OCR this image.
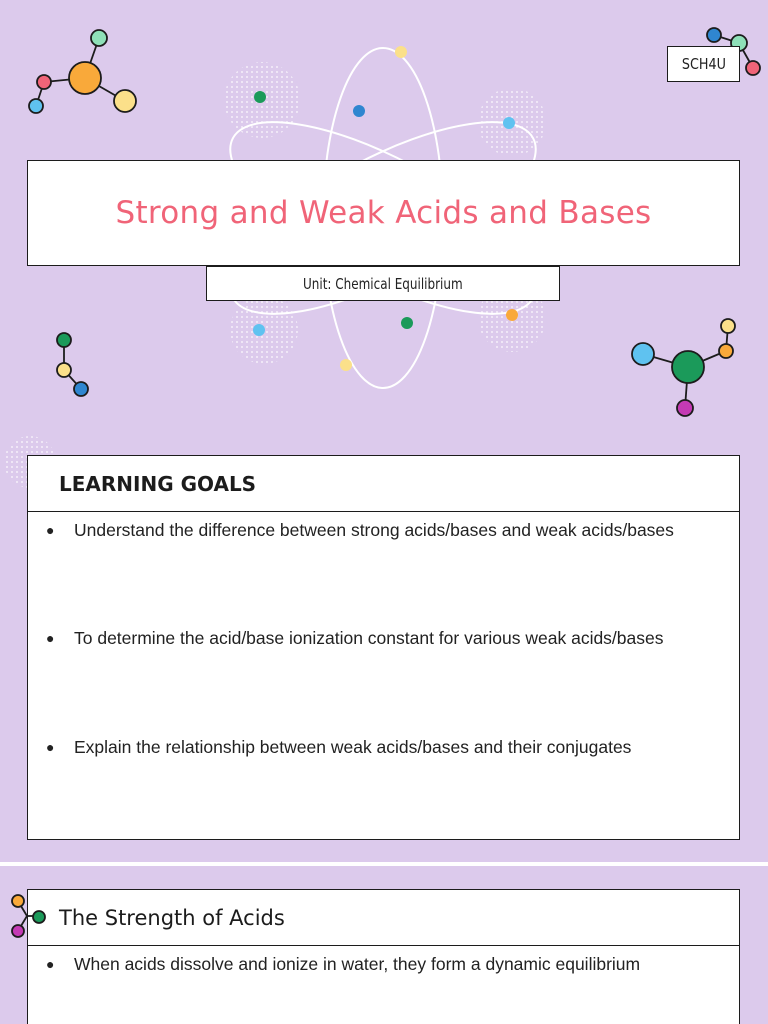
SCH4U
Strong and Weak Acids and Bases
Unit: Chemical Equilibrium
LEARNING GOALS
●	Understand the difference between strong acids/bases and weak acids/bases
●	To determine the acid/base ionization constant for various weak acids/bases
●	Explain the relationship between weak acids/bases and their conjugates
The Strength of Acids
●	When acids dissolve and ionize in water, they form a dynamic equilibrium
